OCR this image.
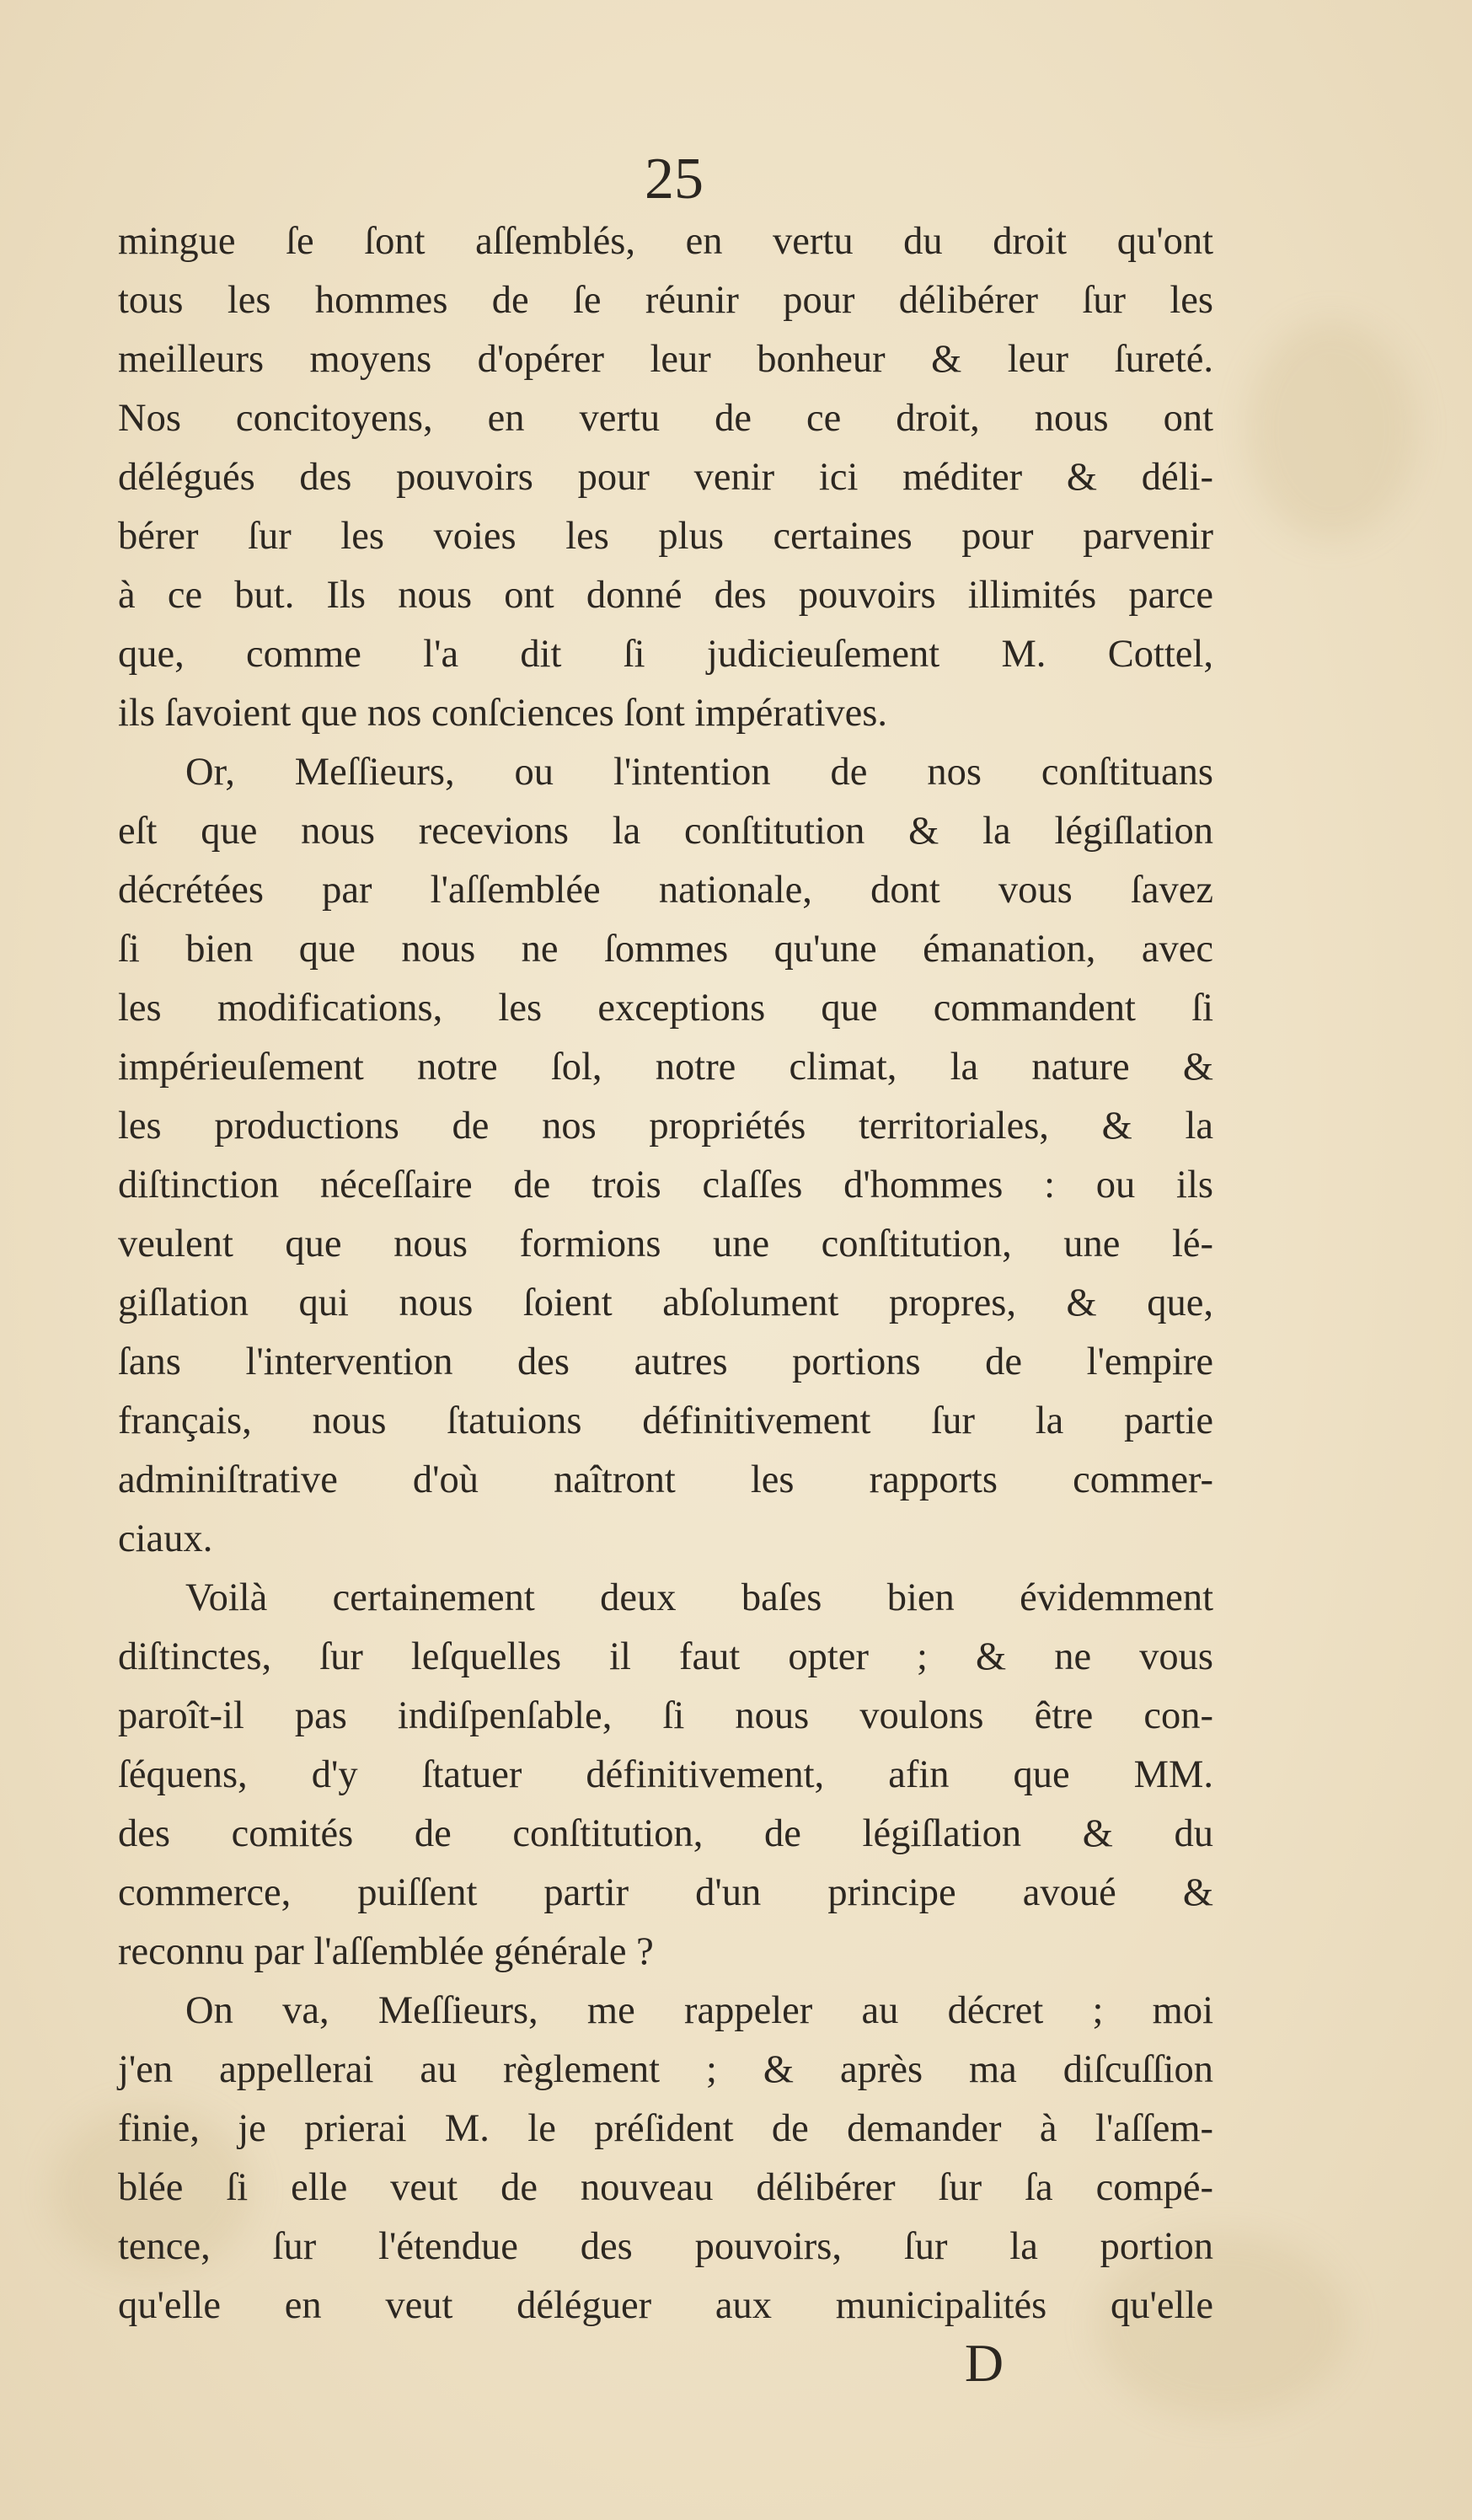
25
mingue ſe ſont aſſemblés, en vertu du droit qu'ont
tous les hommes de ſe réunir pour délibérer ſur les
meilleurs moyens d'opérer leur bonheur & leur ſureté.
Nos concitoyens, en vertu de ce droit, nous ont
délégués des pouvoirs pour venir ici méditer & déli-
bérer ſur les voies les plus certaines pour parvenir
à ce but. Ils nous ont donné des pouvoirs illimités parce
que, comme l'a dit ſi judicieuſement M. Cottel,
ils ſavoient que nos conſciences ſont impératives.
Or, Meſſieurs, ou l'intention de nos conſtituans
eſt que nous recevions la conſtitution & la légiſlation
décrétées par l'aſſemblée nationale, dont vous ſavez
ſi bien que nous ne ſommes qu'une émanation, avec
les modifications, les exceptions que commandent ſi
impérieuſement notre ſol, notre climat, la nature &
les productions de nos propriétés territoriales, & la
diſtinction néceſſaire de trois claſſes d'hommes : ou ils
veulent que nous formions une conſtitution, une lé-
giſlation qui nous ſoient abſolument propres, & que,
ſans l'intervention des autres portions de l'empire
français, nous ſtatuions définitivement ſur la partie
adminiſtrative d'où naîtront les rapports commer-
ciaux.
Voilà certainement deux baſes bien évidemment
diſtinctes, ſur leſquelles il faut opter ; & ne vous
paroît-il pas indiſpenſable, ſi nous voulons être con-
ſéquens, d'y ſtatuer définitivement, afin que MM.
des comités de conſtitution, de légiſlation & du
commerce, puiſſent partir d'un principe avoué &
reconnu par l'aſſemblée générale ?
On va, Meſſieurs, me rappeler au décret ; moi
j'en appellerai au règlement ; & après ma diſcuſſion
finie, je prierai M. le préſident de demander à l'aſſem-
blée ſi elle veut de nouveau délibérer ſur ſa compé-
tence, ſur l'étendue des pouvoirs, ſur la portion
qu'elle en veut déléguer aux municipalités qu'elle
D
